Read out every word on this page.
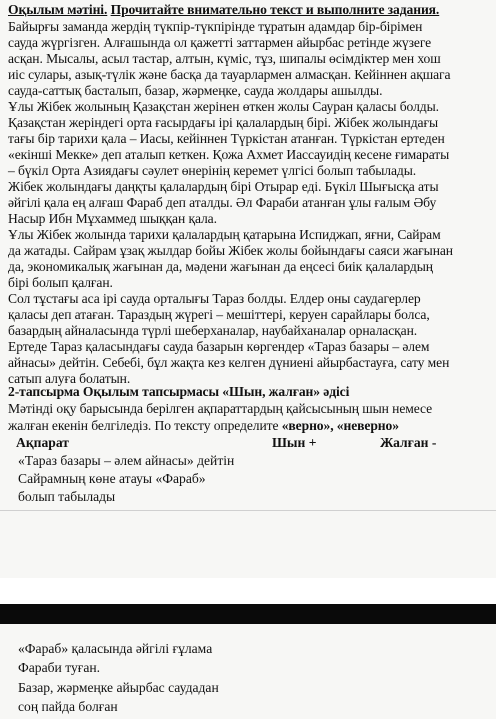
Оқылым мәтіні. Прочитайте внимательно текст и выполните задания.
Байырғы заманда жердің түкпір-түкпірінде тұратын адамдар бір-бірімен
сауда жүргізген. Алғашында ол қажетті заттармен айырбас ретінде жүзеге
асқан. Мысалы, асыл тастар, алтын, күміс, тұз, шипалы өсімдіктер мен хош
иіс сулары, азық-түлік және басқа да тауарлармен алмасқан. Кейіннен ақшага
сауда-саттық басталып, базар, жәрмеңке, сауда жолдары ашылды.
Ұлы Жібек жолының Қазақстан жерінен өткен жолы Сауран қаласы болды.
Қазақстан жеріндегі орта ғасырдағы ірі қалалардың бірі. Жібек жолындағы
тағы бір тарихи қала – Иасы, кейіннен Түркістан атанған. Түркістан ертеден
«екінші Мекке» деп аталып кеткен. Қожа Ахмет Иассауидің кесене ғимараты
– бүкіл Орта Азиядағы сәулет өнерінің керемет үлгісі болып табылады.
Жібек жолындағы даңқты қалалардың бірі Отырар еді. Бүкіл Шығысқа аты
әйгілі қала ең алғаш Фараб деп аталды. Әл Фараби атанған ұлы ғалым Әбу
Насыр Ибн Мұхаммед шыққан қала.
Ұлы Жібек жолында тарихи қалалардың қатарына Испиджап, яғни, Сайрам
да жатады. Сайрам ұзақ жылдар бойы Жібек жолы бойындағы саяси жағынан
да, экономикалық жағынан да, мәдени жағынан да еңсесі биік қалалардың
бірі болып қалған.
Сол тұстағы аса ірі сауда орталығы Тараз болды. Елдер оны саудагерлер
қаласы деп атаған. Тараздың жүрегі – мешіттері, керуен сарайлары болса,
базардың айналасында түрлі шеберханалар, наубайханалар орналасқан.
Ертеде Тараз қаласындағы сауда базарын көргендер «Тараз базары – әлем
айнасы» дейтін. Себебі, бұл жақта кез келген дүниені айырбастауға, сату мен
сатып алуға болатын.
2-тапсырма Оқылым тапсырмасы «Шын, жалған» әдісі
Мәтінді оқу барысында берілген ақпараттардың қайсысының шын немесе
жалған екенін белгіледіз. По тексту определите «верно», «неверно»
Ақпарат	Шын +	Жалған -
«Тараз базары – әлем айнасы» дейтін
Сайрамның көне атауы «Фараб»
болып табылады
«Фараб» қаласында әйгілі ғұлама
Фараби туған.
Базар, жәрмеңке айырбас саудадан
соң пайда болған
